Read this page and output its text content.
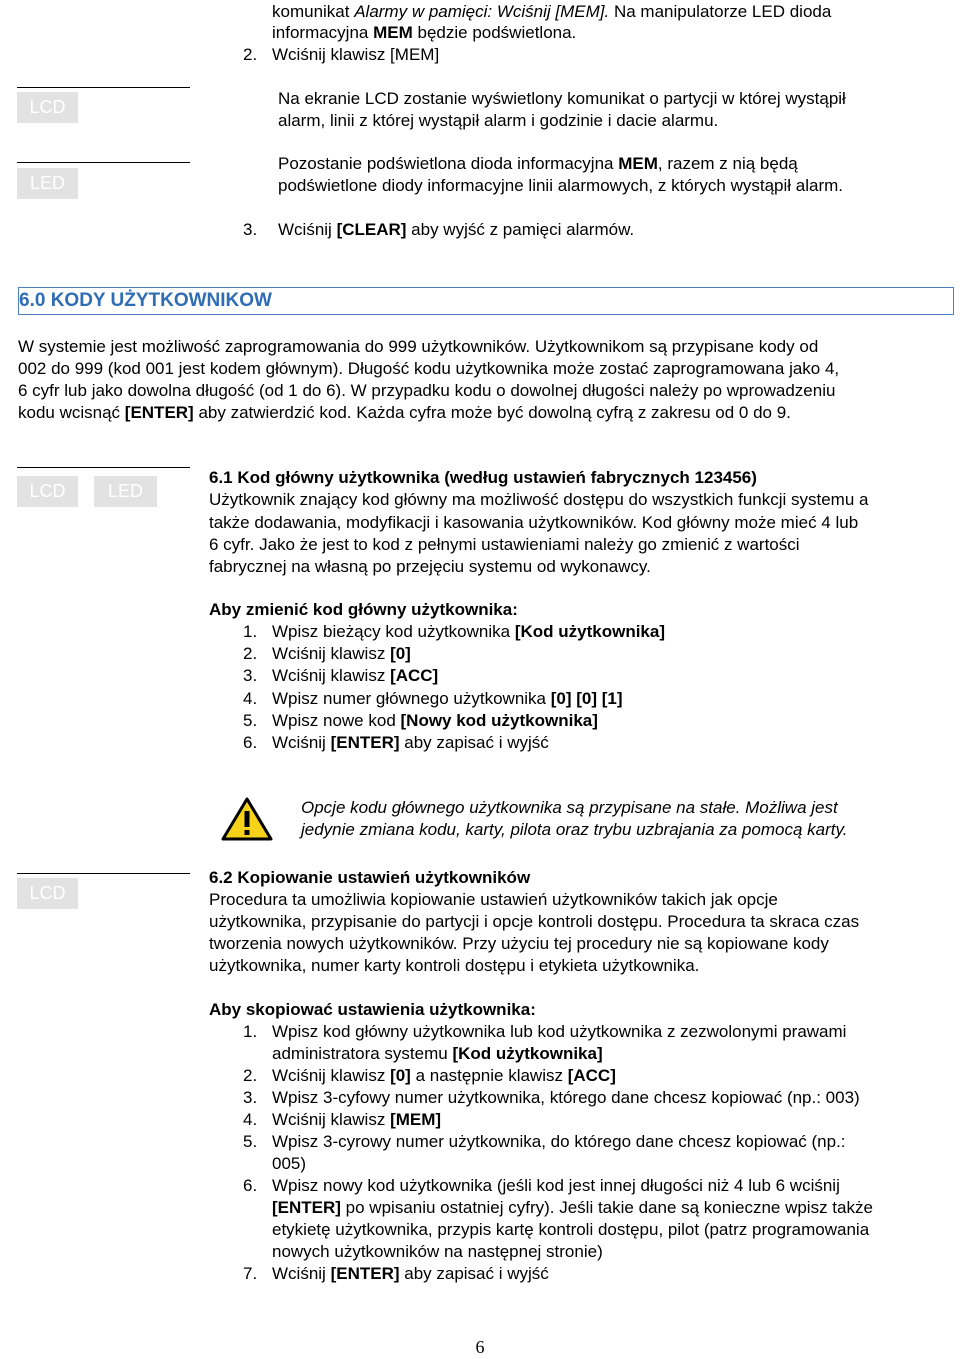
komunikat Alarmy w pamięci: Wciśnij [MEM]. Na manipulatorze LED dioda
informacyjna MEM będzie podświetlona.
2. Wciśnij klawisz [MEM]
LCD	Na ekranie LCD zostanie wyświetlony komunikat o partycji w której wystąpił
alarm, linii z której wystąpił alarm i godzinie i dacie alarmu.
LED
Pozostanie podświetlona dioda informacyjna MEM, razem z nią będą
podświetlone diody informacyjne linii alarmowych, z których wystąpił alarm.
3. Wciśnij [CLEAR] aby wyjść z pamięci alarmów.
6.0 KODY UŻYTKOWNIKOW
W systemie jest możliwość zaprogramowania do 999 użytkowników. Użytkownikom są przypisane kody od
002 do 999 (kod 001 jest kodem głównym). Długość kodu użytkownika może zostać zaprogramowana jako 4,
6 cyfr lub jako dowolna długość (od 1 do 6). W przypadku kodu o dowolnej długości należy po wprowadzeniu
kodu wcisnąć [ENTER] aby zatwierdzić kod. Każda cyfra może być dowolną cyfrą z zakresu od 0 do 9.
LCD	LED
6.1 Kod główny użytkownika (według ustawień fabrycznych 123456)
Użytkownik znający kod główny ma możliwość dostępu do wszystkich funkcji systemu a
także dodawania, modyfikacji i kasowania użytkowników. Kod główny może mieć 4 lub
6 cyfr. Jako że jest to kod z pełnymi ustawieniami należy go zmienić z wartości
fabrycznej na własną po przejęciu systemu od wykonawcy.
Aby zmienić kod główny użytkownika:
1. Wpisz bieżący kod użytkownika [Kod użytkownika]
2. Wciśnij klawisz [0]
3. Wciśnij klawisz [ACC]
4. Wpisz numer głównego użytkownika [0] [0] [1]
5. Wpisz nowe kod [Nowy kod użytkownika]
6. Wciśnij [ENTER] aby zapisać i wyjść
Opcje kodu głównego użytkownika są przypisane na stałe. Możliwa jest
jedynie zmiana kodu, karty, pilota oraz trybu uzbrajania za pomocą karty.
LCD
6.2 Kopiowanie ustawień użytkowników
Procedura ta umożliwia kopiowanie ustawień użytkowników takich jak opcje
użytkownika, przypisanie do partycji i opcje kontroli dostępu. Procedura ta skraca czas
tworzenia nowych użytkowników. Przy użyciu tej procedury nie są kopiowane kody
użytkownika, numer karty kontroli dostępu i etykieta użytkownika.
Aby skopiować ustawienia użytkownika:
1. Wpisz kod główny użytkownika lub kod użytkownika z zezwolonymi prawami
administratora systemu [Kod użytkownika]
2. Wciśnij klawisz [0] a następnie klawisz [ACC]
3. Wpisz 3-cyfowy numer użytkownika, którego dane chcesz kopiować (np.: 003)
4. Wciśnij klawisz [MEM]
5. Wpisz 3-cyrowy numer użytkownika, do którego dane chcesz kopiować (np.:
005)
6. Wpisz nowy kod użytkownika (jeśli kod jest innej długości niż 4 lub 6 wciśnij
[ENTER] po wpisaniu ostatniej cyfry). Jeśli takie dane są konieczne wpisz także
etykietę użytkownika, przypis kartę kontroli dostępu, pilot (patrz programowania
nowych użytkowników na następnej stronie)
7. Wciśnij [ENTER] aby zapisać i wyjść
6
